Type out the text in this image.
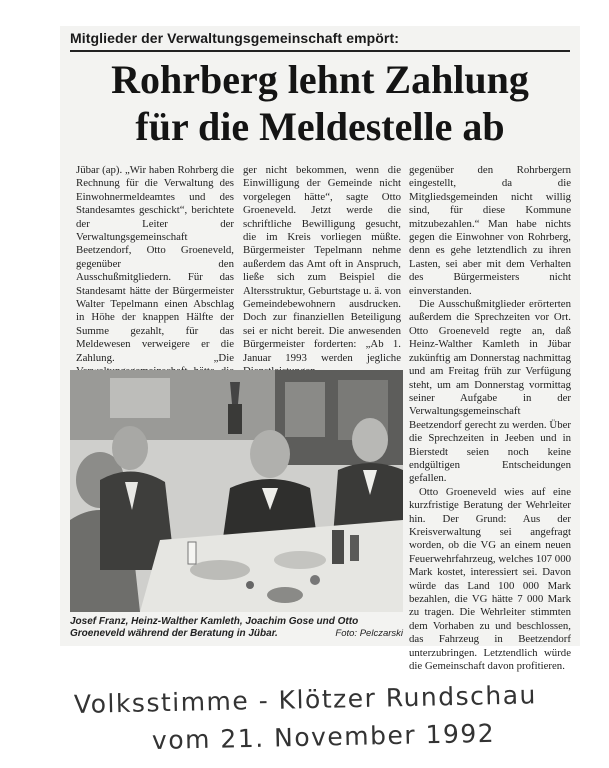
Mitglieder der Verwaltungsgemeinschaft empört:
Rohrberg lehnt Zahlung
für die Meldestelle ab

Jübar (ap). „Wir haben Rohrberg die Rechnung für die Verwaltung des Einwohnermeldeamtes und des Standesamtes geschickt“, berichtete der Leiter der Verwaltungsgemeinschaft Beetzendorf, Otto Groeneveld, gegenüber den Ausschußmitgliedern. Für das Standesamt hätte der Bürgermeister Walter Tepelmann einen Abschlag in Höhe der knappen Hälfte der Summe gezahlt, für das Meldewesen verweigere er die Zahlung. „Die

ger nicht bekommen, wenn die Einwilligung der Gemeinde nicht vorgelegen hätte“, sagte Otto Groeneveld. Jetzt werde die schriftliche Bewilligung gesucht, die im Kreis vorliegen müßte. Bürgermeister Tepelmann nehme außerdem das Amt oft in Anspruch, ließe sich zum Beispiel die Altersstruktur, Geburtstage u. ä. von Gemeindebewohnern ausdrucken. Doch zur finanziellen Beteiligung sei er nicht bereit. Die anwesenden Bürgermeister forderten: „Ab 1. Januar 1993 werden jegliche

gegenüber den Rohrbergern eingestellt, da die Mitgliedsgemeinden nicht willig sind, für diese Kommune mitzubezahlen.“ Man habe nichts gegen die Einwohner von Rohrberg, denn es gehe letztendlich zu ihren Lasten, sei aber mit dem Verhalten des Bürgermeisters nicht einverstanden.

Die Ausschußmitglieder erörterten außerdem die Sprechzeiten vor Ort. Otto Groeneveld regte an, daß Heinz-Walther Kamleth in Jübar zukünftig am Donnerstag nachmittag und am Freitag früh zur Verfügung steht, um am Donnerstag vormittag seiner Aufgabe in der Verwaltungsgemeinschaft Beetzendorf gerecht zu werden. Über die Sprechzeiten in Jeeben und in Bierstedt seien noch keine endgültigen Entscheidungen gefallen.

Otto Groeneveld wies auf eine kurzfristige Beratung der Wehrleiter hin. Der Grund: Aus der Kreisverwaltung sei angefragt worden, ob die VG an einem neuen Feuerwehrfahrzeug, welches 107 000 Mark kostet, interessiert sei. Davon würde das Land 100 000 Mark bezahlen, die VG hätte 7 000 Mark zu tragen. Die Wehrleiter stimmten dem Vorhaben zu und beschlossen, das Fahrzeug in Beetzendorf unterzubringen. Letztendlich würde die Gemeinschaft davon profitieren.

Josef Franz, Heinz-Walther Kamleth, Joachim Gose und Otto Groeneveld während der Beratung in Jübar.	Foto: Pelczarski
Volksstimme - Klötzer Rundschau
vom 21. November 1992
